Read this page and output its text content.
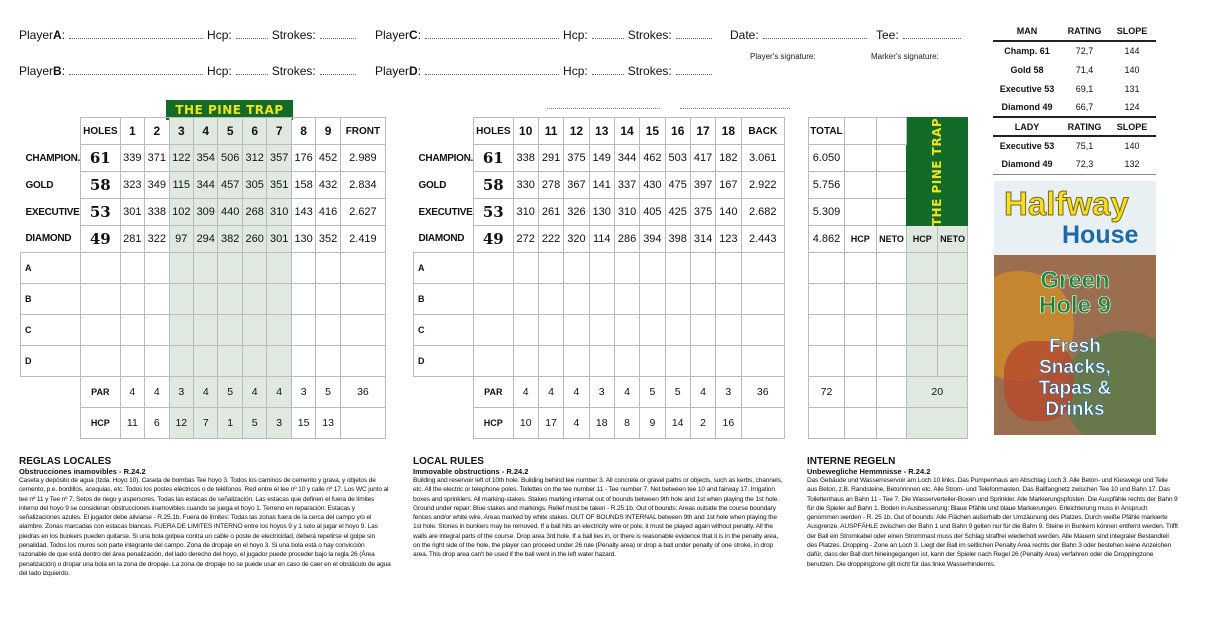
Player A :	Hcp:	Strokes:
Player B :	Hcp:	Strokes:
Player C :	Hcp:	Strokes:
Player D :	Hcp:	Strokes:
Date:	Tee:
Player's signature:	Marker's signature:
THE PINE TRAP
	HOLES	1	2	3	4	5	6	7	8	9	FRONT
CHAMPION.	61	339	371	122	354	506	312	357	176	452	2.989
GOLD	58	323	349	115	344	457	305	351	158	432	2.834
EXECUTIVE	53	301	338	102	309	440	268	310	143	416	2.627
DIAMOND	49	281	322	97	294	382	260	301	130	352	2.419
A											
B											
C											
D											
	PAR	4	4	3	4	5	4	4	3	5	36
	HCP	11	6	12	7	1	5	3	15	13	
	HOLES	10	11	12	13	14	15	16	17	18	BACK
CHAMPION.	61	338	291	375	149	344	462	503	417	182	3.061
GOLD	58	330	278	367	141	337	430	475	397	167	2.922
EXECUTIVE	53	310	261	326	130	310	405	425	375	140	2.682
DIAMOND	49	272	222	320	114	286	394	398	314	123	2.443
A											
B											
C											
D											
	PAR	4	4	4	3	4	5	5	4	3	36
	HCP	10	17	4	18	8	9	14	2	16	
TOTAL			THE PINE TRAP	

6.050				
5.756				
5.309				
4.862	HCP	NETO	HCP	NETO

72			20	

MAN	RATING	SLOPE
Champ. 61	72,7	144
Gold 58	71,4	140
Executive 53	69,1	131
Diamond 49	66,7	124
LADY	RATING	SLOPE
Executive 53	75,1	140
Diamond 49	72,3	132
Halfway
House
Green
Hole 9
Fresh
Snacks,
Tapas &
Drinks
REGLAS LOCALES
Obstrucciones inamovibles - R.24.2

Caseta y depósito de agua (Izda. Hoyo 10). Caseta de bombas Tee hoyo 3. Todos los caminos de cemento y grava, y objetos de cemento, p.e. bordillos, acequias, etc. Todos los postes eléctricos o de teléfonos. Red entre el tee nº 10 y calle nº 17. Los WC junto al tee nº 11 y Tee nº 7. Setos de riego y aspersores. Todas las estacas de señalización. Las estacas que definen el fuera de límites interno del hoyo 9 se consideran obstrucciones inamovibles cuando se juega el hoyo 1. Terreno en reparación: Estacas y señalizaciones azules. El jugador debe aliviarse - R.25.1b. Fuera de límites: Todas las zonas fuera de la cerca del campo y/o el alambre. Zonas marcadas con estacas blancas. FUERA DE LIMITES INTERNO entre los hoyos 9 y 1 solo al jugar el hoyo 9. Las piedras en los bunkers pueden quitarse. Si una bola golpea contra un cable o poste de electricidad, deberá repetirse el golpe sin penalidad. Todos los muros son parte integrante del campo. Zona de dropaje en el hoyo 3. Si una bola está o hay convicción razonable de que está dentro del área penalización, del lado derecho del hoyo, el jugador puede proceder bajo la regla 26 (Área penalización) o dropar una bola en la zona de dropaje. La zona de dropaje no se puede usar en caso de caer en el obstáculo de agua del lado izquierdo.

LOCAL RULES
Immovable obstructions - R.24.2

Building and reservoir left of 10th hole. Building behind tee number 3. All concrete or gravel paths or objects, such as kerbs, channels, etc. All the electric or telephone poles. Toilettes on the tee number 11 - Tee number 7. Net between tee 10 and fairway 17. Irrigation boxes and sprinklers. All marking-stakes. Stakes marking internal out of bounds between 9th hole and 1st when playing the 1st hole. Ground under repair: Blue stakes and markings. Relief must be taken - R.25.1b. Out of bounds: Areas outside the course boundary fences and/or white wire. Areas marked by white stakes. OUT OF BOUNDS INTERNAL between 9th and 1st hole when playing the 1st hole. Stones in bunkers may be removed. If a ball hits an electricity wire or pole, it must be played again without penalty. All the walls are integral parts of the course. Drop area 3rd hole. If a ball lies in, or there is reasonable evidence that it is in the penalty area, on the right side of the hole, the player can proceed under 26 rule (Penalty area) or drop a ball under penalty of one stroke, in drop area. This drop area can't be used if the ball went in the left water hazard.

INTERNE REGELN
Unbewegliche Hemmnisse - R.24.2

Das Gebäude und Wasserreservoir am Loch 10 links. Das Pumpenhaus am Abschlag Loch 3. Alle Beton- und Kieswege und Teile aus Beton, z.B. Randsteine, Betonrinnen etc. Alle Strom- und Telefonmasten. Das Ballfangnetz zwischen Tee 10 und Bahn 17. Das Toilettenhaus an Bahn 11 - Tee 7. Die Wasserverteiler-Boxen und Sprinkler. Alle Markierungspfosten. Die Auspfähle rechts der Bahn 9 für die Spieler auf Bahn 1. Boden in Ausbesserung: Blaue Pfähle und blaue Markierungen. Erleichterung muss in Anspruch genommen werden - R. 25 1b. Out of bounds: Alle Flächen außerhalb der Umzäunung des Platzes. Durch weiße Pfähle markierte Ausgrenze. AUSPFÄHLE zwischen der Bahn 1 und Bahn 9 gelten nur für die Bahn 9. Steine in Bunkern können entfernt werden. Trifft der Ball ein Stromkabel oder einen Strommast muss der Schlag straffrei wiederholt werden. Alle Mauern sind integraler Bestandteil des Platzes. Dropping - Zone an Loch 3. Liegt der Ball im seitlichen Penalty Area rechts der Bahn 3 oder bestehen keine Anzeichen dafür, dass der Ball dort hineingegangen ist, kann der Spieler nach Regel 26 (Penalty Area) verfahren oder die Droppingzone benutzen. Die droppingzone gilt nicht für das linke Wasserhindernis.
